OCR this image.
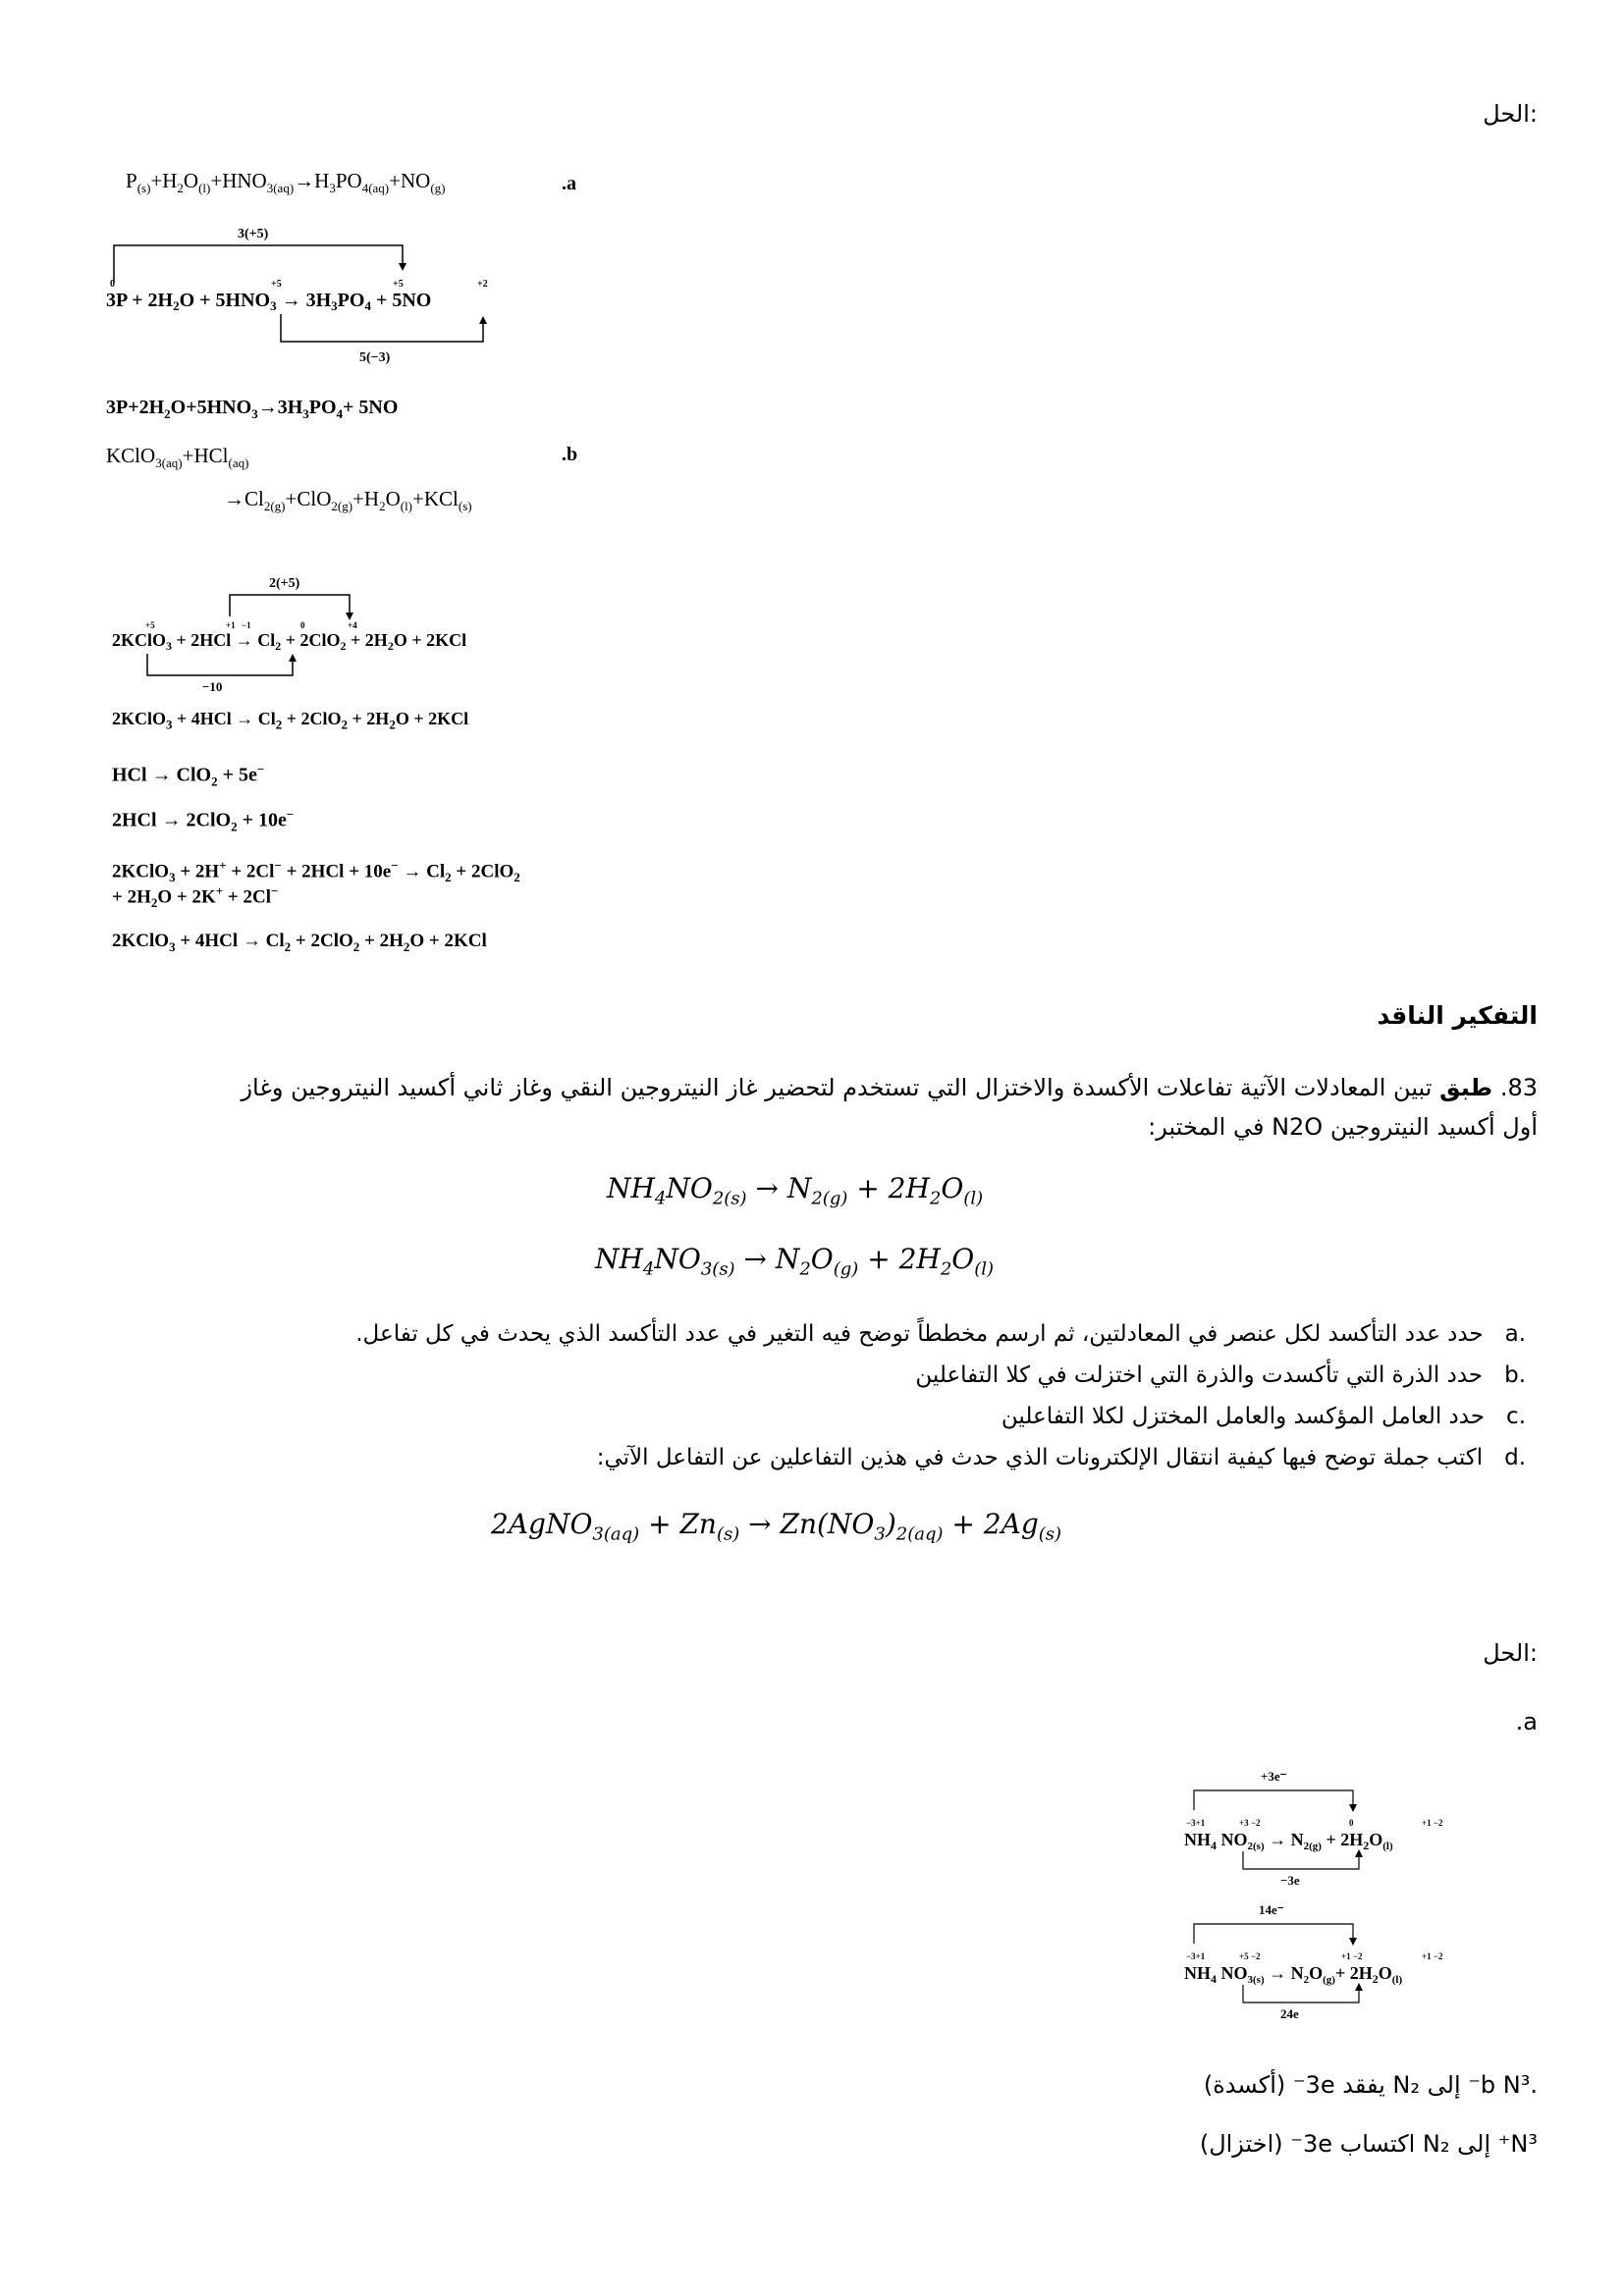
الحل:
$P_{(s)}+H_2O_{(l)}+HNO_{3(aq)}\to H_3PO_{4(aq)}+NO_{(g)}$	.a
3(+5)
0	+5	+5	+2
$3P + 2H_2O + 5HNO_3 \to 3H_3PO_4 + 5NO$
5(−3)
$3P+2H_2O+5HNO_3\to 3H_3PO_4+ 5NO$
KClO$_{3(aq)}$+HCl$_{(aq)}$	.b
$\to Cl_{2(g)}+ClO_{2(g)}+H_2O_{(l)}+KCl_{(s)}$
2(+5)
+5	+1 −1	0	+4
2KClO$_3$ + $2HCl \to Cl_2 + 2ClO_2 + 2H_2O + 2KCl$
−10
2KClO$_3$ + $4HCl \to Cl_2 + 2ClO_2 + 2H_2O + 2KCl$
HCl → ClO$_2$ + 5e−
2HCl → 2ClO$_2$ + 10e−
2KClO$_3$ + $2H^+ + 2Cl^- + 2HCl + 10e^- \to Cl_2 + 2ClO_2$
+ $2H_2O + 2K^+ + 2Cl^-$
2KClO$_3$ + $4HCl \to Cl_2 + 2ClO_2 + 2H_2O + 2KCl$
التفكير الناقد
83. طبق تبين المعادلات الآتية تفاعلات الأكسدة والاختزال التي تستخدم لتحضير غاز النيتروجين النقي وغاز ثاني أكسيد النيتروجين وغاز
أول أكسيد النيتروجين N2O في المختبر:
$NH_4NO_{2(s)} \to N_{2(g)} + 2H_2O_{(l)}$
$NH_4NO_{3(s)} \to N_2O_{(g)} + 2H_2O_{(l)}$
.a   حدد عدد التأكسد لكل عنصر في المعادلتين، ثم ارسم مخططاً توضح فيه التغير في عدد التأكسد الذي يحدث في كل تفاعل.
.b   حدد الذرة التي تأكسدت والذرة التي اختزلت في كلا التفاعلين
.c   حدد العامل المؤكسد والعامل المختزل لكلا التفاعلين
.d   اكتب جملة توضح فيها كيفية انتقال الإلكترونات الذي حدث في هذين التفاعلين عن التفاعل الآتي:
2AgNO$_{3(aq)}$ + $Zn_{(s)} \to Zn(NO_3)_{2(aq)} + 2Ag_{(s)}$
الحل:
.a
+3e⁻
−3+1	+3 −2	0	+1 −2
$NH_4$ $NO_{2(s)} \to N_{2(g)} + 2H_2O_{(l)}$
−3e
14e⁻
−3+1	+5 −2	+1 −2	+1 −2
$NH_4$ $NO_{3(s)} \to N_2O_{(g)}+ 2H_2O_{(l)}$
24e
.b N³⁻ إلى N₂ يفقد 3e⁻ (أكسدة)
N³⁺ إلى N₂ اكتساب 3e⁻ (اختزال)
